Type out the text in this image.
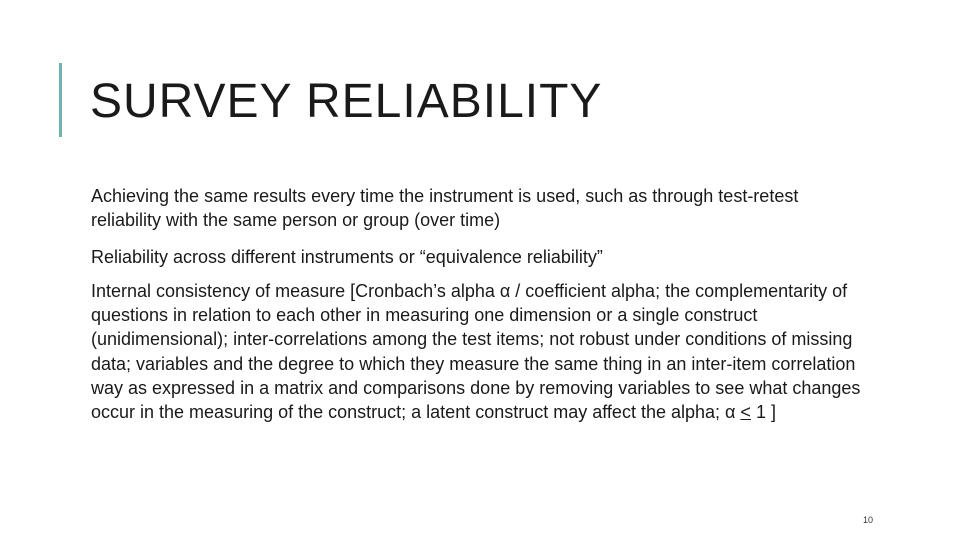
SURVEY RELIABILITY

Achieving the same results every time the instrument is used, such as through test-retest reliability with the same person or group (over time)

Reliability across different instruments or “equivalence reliability”

Internal consistency of measure [Cronbach’s alpha α / coefficient alpha; the complementarity of questions in relation to each other in measuring one dimension or a single construct (unidimensional); inter-correlations among the test items; not robust under conditions of missing data; variables and the degree to which they measure the same thing in an inter-item correlation way as expressed in a matrix and comparisons done by removing variables to see what changes occur in the measuring of the construct; a latent construct may affect the alpha; α < 1 ]

10
